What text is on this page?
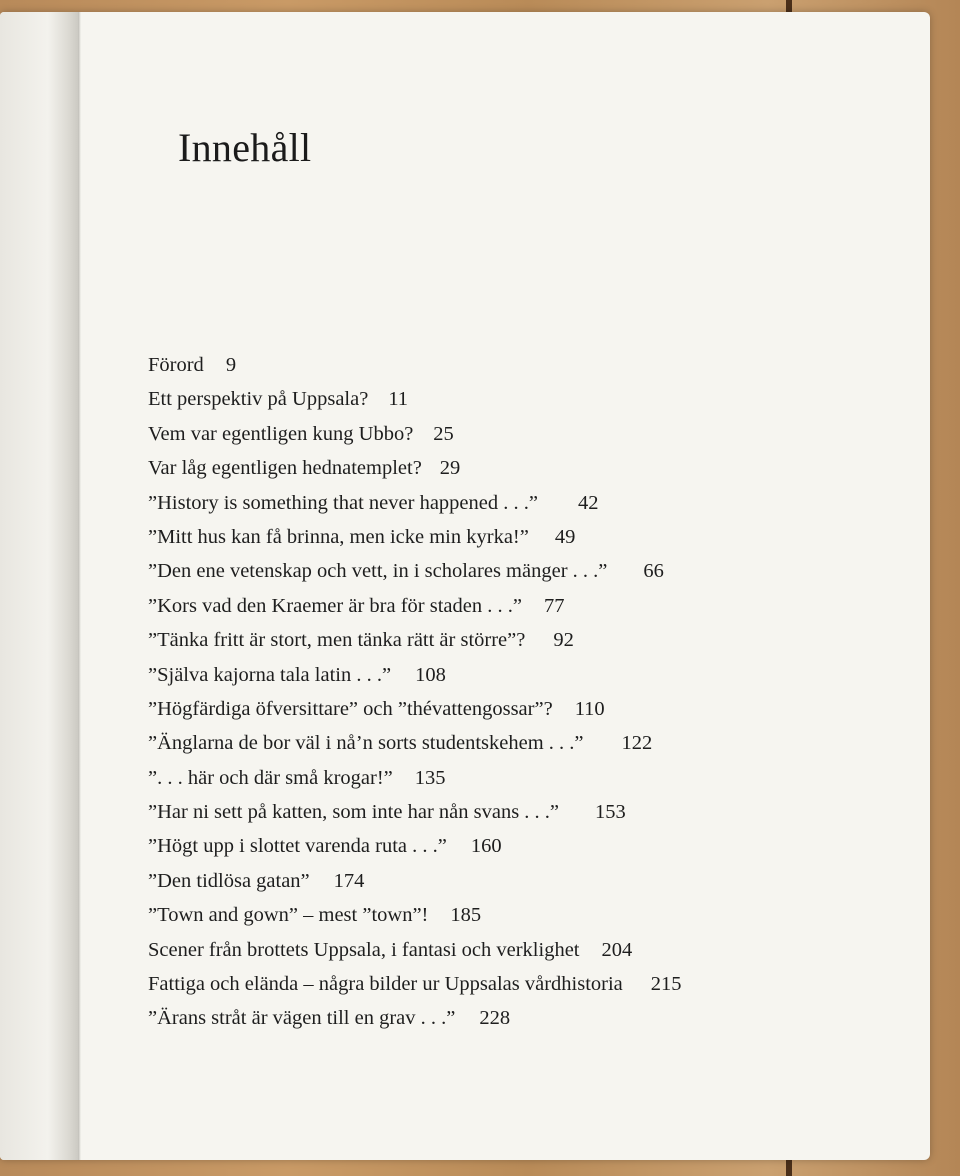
Innehåll
Förord 9
Ett perspektiv på Uppsala? 11
Vem var egentligen kung Ubbo? 25
Var låg egentligen hednatemplet? 29
”History is something that never happened . . .” 42
”Mitt hus kan få brinna, men icke min kyrka!” 49
”Den ene vetenskap och vett, in i scholares mänger . . .” 66
”Kors vad den Kraemer är bra för staden . . .” 77
”Tänka fritt är stort, men tänka rätt är större”? 92
”Själva kajorna tala latin . . .” 108
”Högfärdiga öfversittare” och ”thévattengossar”? 110
”Änglarna de bor väl i nå’n sorts studentskehem . . .” 122
”. . . här och där små krogar!” 135
”Har ni sett på katten, som inte har nån svans . . .” 153
”Högt upp i slottet varenda ruta . . .” 160
”Den tidlösa gatan” 174
”Town and gown” – mest ”town”! 185
Scener från brottets Uppsala, i fantasi och verklighet 204
Fattiga och elända – några bilder ur Uppsalas vårdhistoria 215
”Ärans stråt är vägen till en grav . . .” 228
